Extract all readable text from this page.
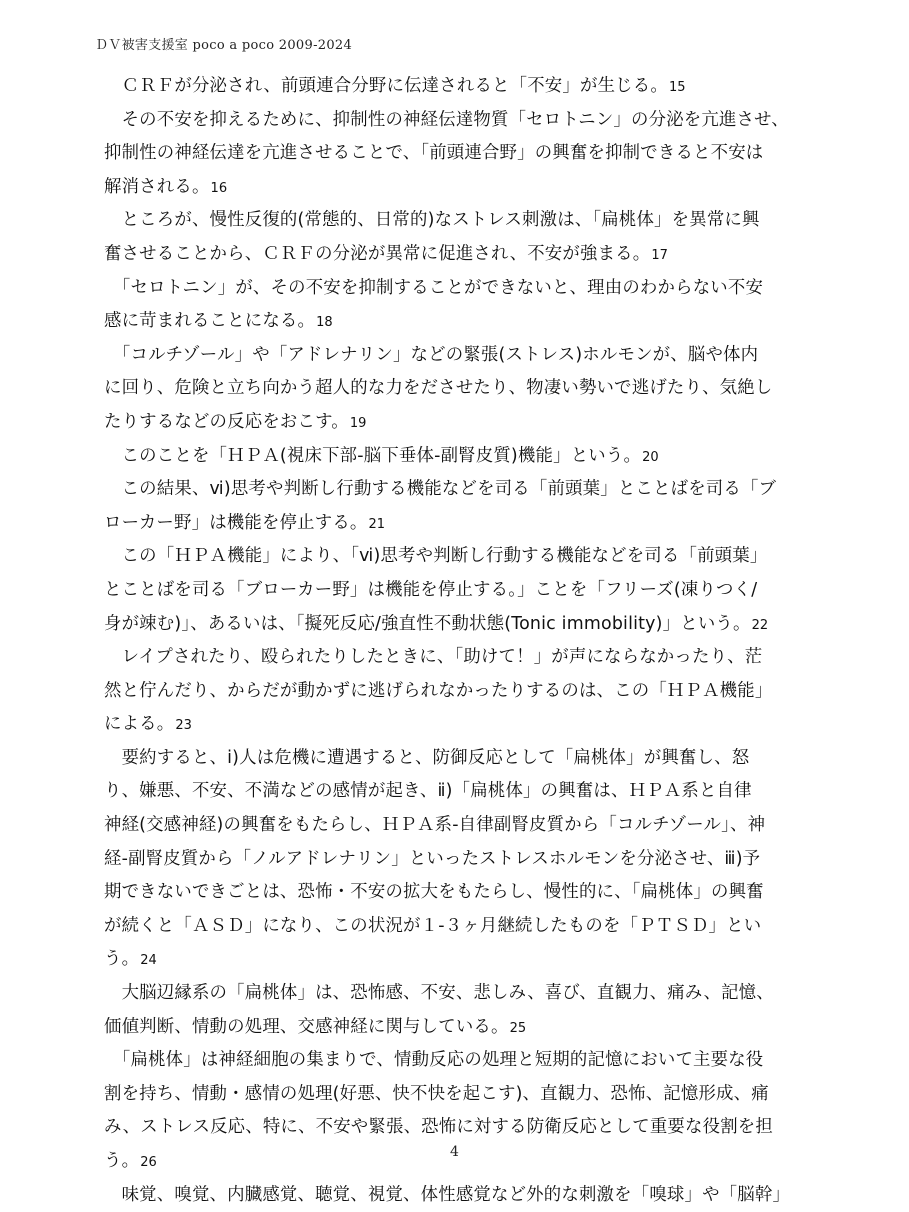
ＤＶ被害支援室 poco a poco 2009-2024
　ＣＲＦが分泌され、前頭連合分野に伝達されると「不安」が生じる。15
　その不安を抑えるために、抑制性の神経伝達物質「セロトニン」の分泌を亢進させ、
抑制性の神経伝達を亢進させることで、「前頭連合野」の興奮を抑制できると不安は
解消される。16
　ところが、慢性反復的(常態的、日常的)なストレス刺激は、「扁桃体」を異常に興
奮させることから、ＣＲＦの分泌が異常に促進され、不安が強まる。17
　「セロトニン」が、その不安を抑制することができないと、理由のわからない不安
感に苛まれることになる。18
　「コルチゾール」や「アドレナリン」などの緊張(ストレス)ホルモンが、脳や体内
に回り、危険と立ち向かう超人的な力をださせたり、物凄い勢いで逃げたり、気絶し
たりするなどの反応をおこす。19
　このことを「ＨＰＡ(視床下部-脳下垂体-副腎皮質)機能」という。20
　この結果、ⅵ)思考や判断し行動する機能などを司る「前頭葉」とことばを司る「ブ
ローカー野」は機能を停止する。21
　この「ＨＰＡ機能」により、「ⅵ)思考や判断し行動する機能などを司る「前頭葉」
とことばを司る「ブローカー野」は機能を停止する。」ことを「フリーズ(凍りつく/
身が竦む)」、あるいは、「擬死反応/強直性不動状態(Tonic immobility)」という。22
　レイプされたり、殴られたりしたときに、「助けて！」が声にならなかったり、茫
然と佇んだり、からだが動かずに逃げられなかったりするのは、この「ＨＰＡ機能」
による。23
　要約すると、ⅰ)人は危機に遭遇すると、防御反応として「扁桃体」が興奮し、怒
り、嫌悪、不安、不満などの感情が起き、ⅱ)「扁桃体」の興奮は、ＨＰＡ系と自律
神経(交感神経)の興奮をもたらし、ＨＰＡ系-自律副腎皮質から「コルチゾール」、神
経-副腎皮質から「ノルアドレナリン」といったストレスホルモンを分泌させ、ⅲ)予
期できないできごとは、恐怖・不安の拡大をもたらし、慢性的に、「扁桃体」の興奮
が続くと「ＡＳＤ」になり、この状況が１-３ヶ月継続したものを「ＰＴＳＤ」とい
う。24
　大脳辺縁系の「扁桃体」は、恐怖感、不安、悲しみ、喜び、直観力、痛み、記憶、
価値判断、情動の処理、交感神経に関与している。25
　「扁桃体」は神経細胞の集まりで、情動反応の処理と短期的記憶において主要な役
割を持ち、情動・感情の処理(好悪、快不快を起こす)、直観力、恐怖、記憶形成、痛
み、ストレス反応、特に、不安や緊張、恐怖に対する防衛反応として重要な役割を担
う。26
　味覚、嗅覚、内臓感覚、聴覚、視覚、体性感覚など外的な刺激を「嗅球」や「脳幹」
4
